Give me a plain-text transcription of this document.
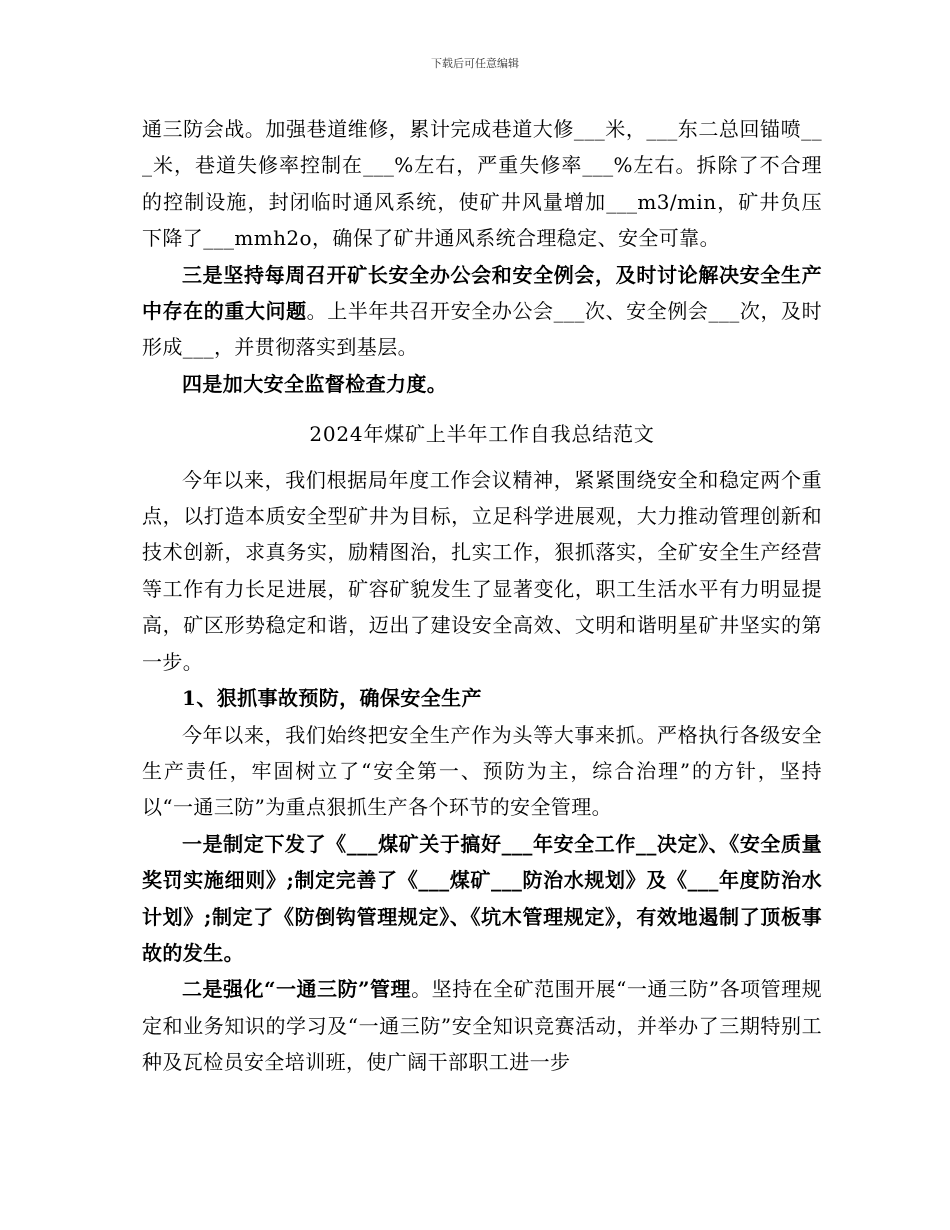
下载后可任意编辑

通三防会战。加强巷道维修，累计完成巷道大修___米，___东二总回锚喷___米，巷道失修率控制在___%左右，严重失修率___%左右。拆除了不合理的控制设施，封闭临时通风系统，使矿井风量增加___m3/min，矿井负压下降了___mmh2o，确保了矿井通风系统合理稳定、安全可靠。

三是坚持每周召开矿长安全办公会和安全例会，及时讨论解决安全生产中存在的重大问题。上半年共召开安全办公会___次、安全例会___次，及时形成___，并贯彻落实到基层。

四是加大安全监督检查力度。

2024年煤矿上半年工作自我总结范文

今年以来，我们根据局年度工作会议精神，紧紧围绕安全和稳定两个重点，以打造本质安全型矿井为目标，立足科学进展观，大力推动管理创新和技术创新，求真务实，励精图治，扎实工作，狠抓落实，全矿安全生产经营等工作有力长足进展，矿容矿貌发生了显著变化，职工生活水平有力明显提高，矿区形势稳定和谐，迈出了建设安全高效、文明和谐明星矿井坚实的第一步。

1、狠抓事故预防，确保安全生产

今年以来，我们始终把安全生产作为头等大事来抓。严格执行各级安全生产责任，牢固树立了“安全第一、预防为主，综合治理”的方针，坚持以“一通三防”为重点狠抓生产各个环节的安全管理。

一是制定下发了《___煤矿关于搞好___年安全工作__决定》、《安全质量奖罚实施细则》;制定完善了《___煤矿___防治水规划》及《___年度防治水计划》;制定了《防倒钩管理规定》、《坑木管理规定》，有效地遏制了顶板事故的发生。

二是强化“一通三防”管理。坚持在全矿范围开展“一通三防”各项管理规定和业务知识的学习及“一通三防”安全知识竞赛活动，并举办了三期特别工种及瓦检员安全培训班，使广阔干部职工进一步
